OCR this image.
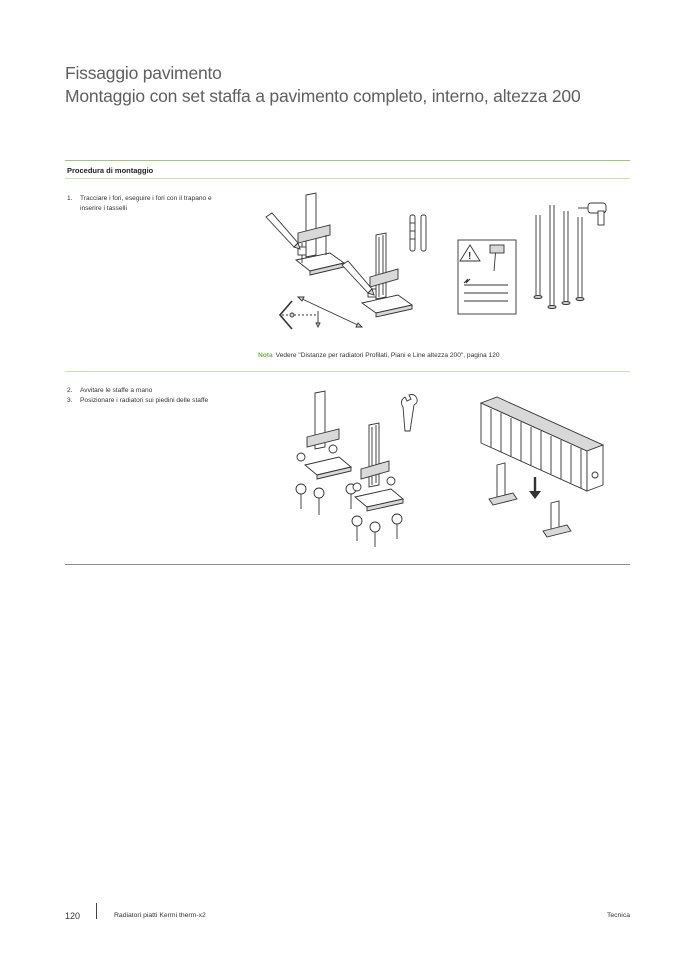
Fissaggio pavimento
Montaggio con set staffa a pavimento completo, interno, altezza 200
Procedura di montaggio
1.	Tracciare i fori, eseguire i fori con il trapano e inserire i tasselli
!
Nota Vedere "Distanze per radiatori Profilati, Piani e Line altezza 200", pagina 120
2.	Avvitare le staffe a mano
3.	Posizionare i radiatori sui piedini delle staffe
120	Radiatori piatti Kermi therm-x2	Tecnica
